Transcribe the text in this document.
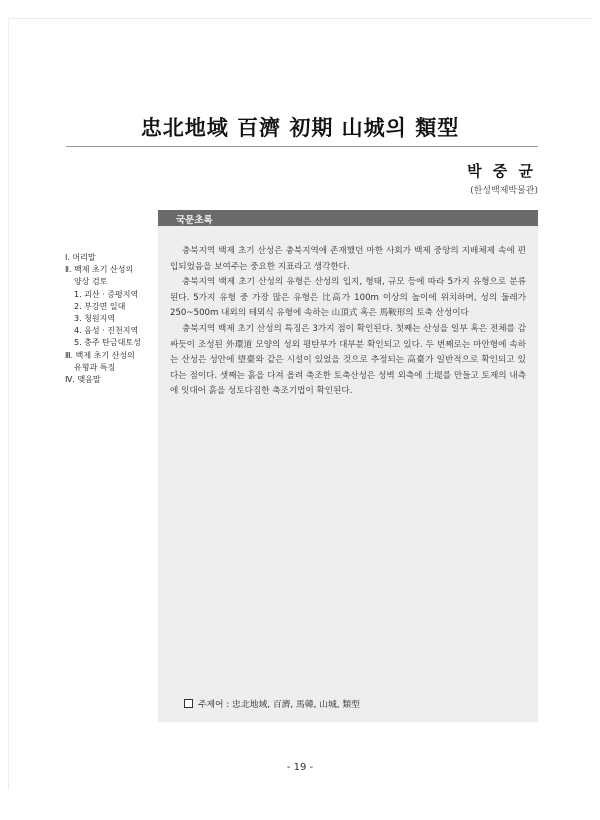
忠北地域 百濟 初期 山城의 類型
박 중 균
(한성백제박물관)
Ⅰ. 머리말
Ⅱ. 백제 초기 산성의
양상 검토
1. 괴산 · 증평지역
2. 부강면 일대
3. 청원지역
4. 음성 · 진천지역
5. 충주 탄금대토성
Ⅲ. 백제 초기 산성의
유형과 특징
Ⅳ. 맺음말
국문초록

충북지역 백제 초기 산성은 충북지역에 존재했던 마한 사회가 백제 중앙의 지배체제 속에 편입되었음을 보여주는 중요한 지표라고 생각한다.

충북지역 백제 초기 산성의 유형은 산성의 입지, 형태, 규모 등에 따라 5가지 유형으로 분류된다. 5가지 유형 중 가장 많은 유형은 比高가 100m 이상의 높이에 위치하며, 성의 둘레가 250~500m 내외의 테뫼식 유형에 속하는 山頂式 혹은 馬鞍形의 토축 산성이다

충북지역 백제 초기 산성의 특징은 3가지 점이 확인된다. 첫째는 산성을 일부 혹은 전체를 감싸듯이 조성된 外環道 모양의 성외 평탄부가 대부분 확인되고 있다. 두 번째로는 마안형에 속하는 산성은 성안에 望臺와 같은 시설이 있었을 것으로 추정되는 高臺가 일반적으로 확인되고 있다는 점이다. 셋째는 흙을 다져 올려 축조한 토축산성은 성벽 외측에 土堤를 만들고 토제의 내측에 잇대어 흙을 성토다짐한 축조기법이 확인된다.

주제어 : 忠北地域, 百濟, 馬韓, 山城, 類型
- 19 -
